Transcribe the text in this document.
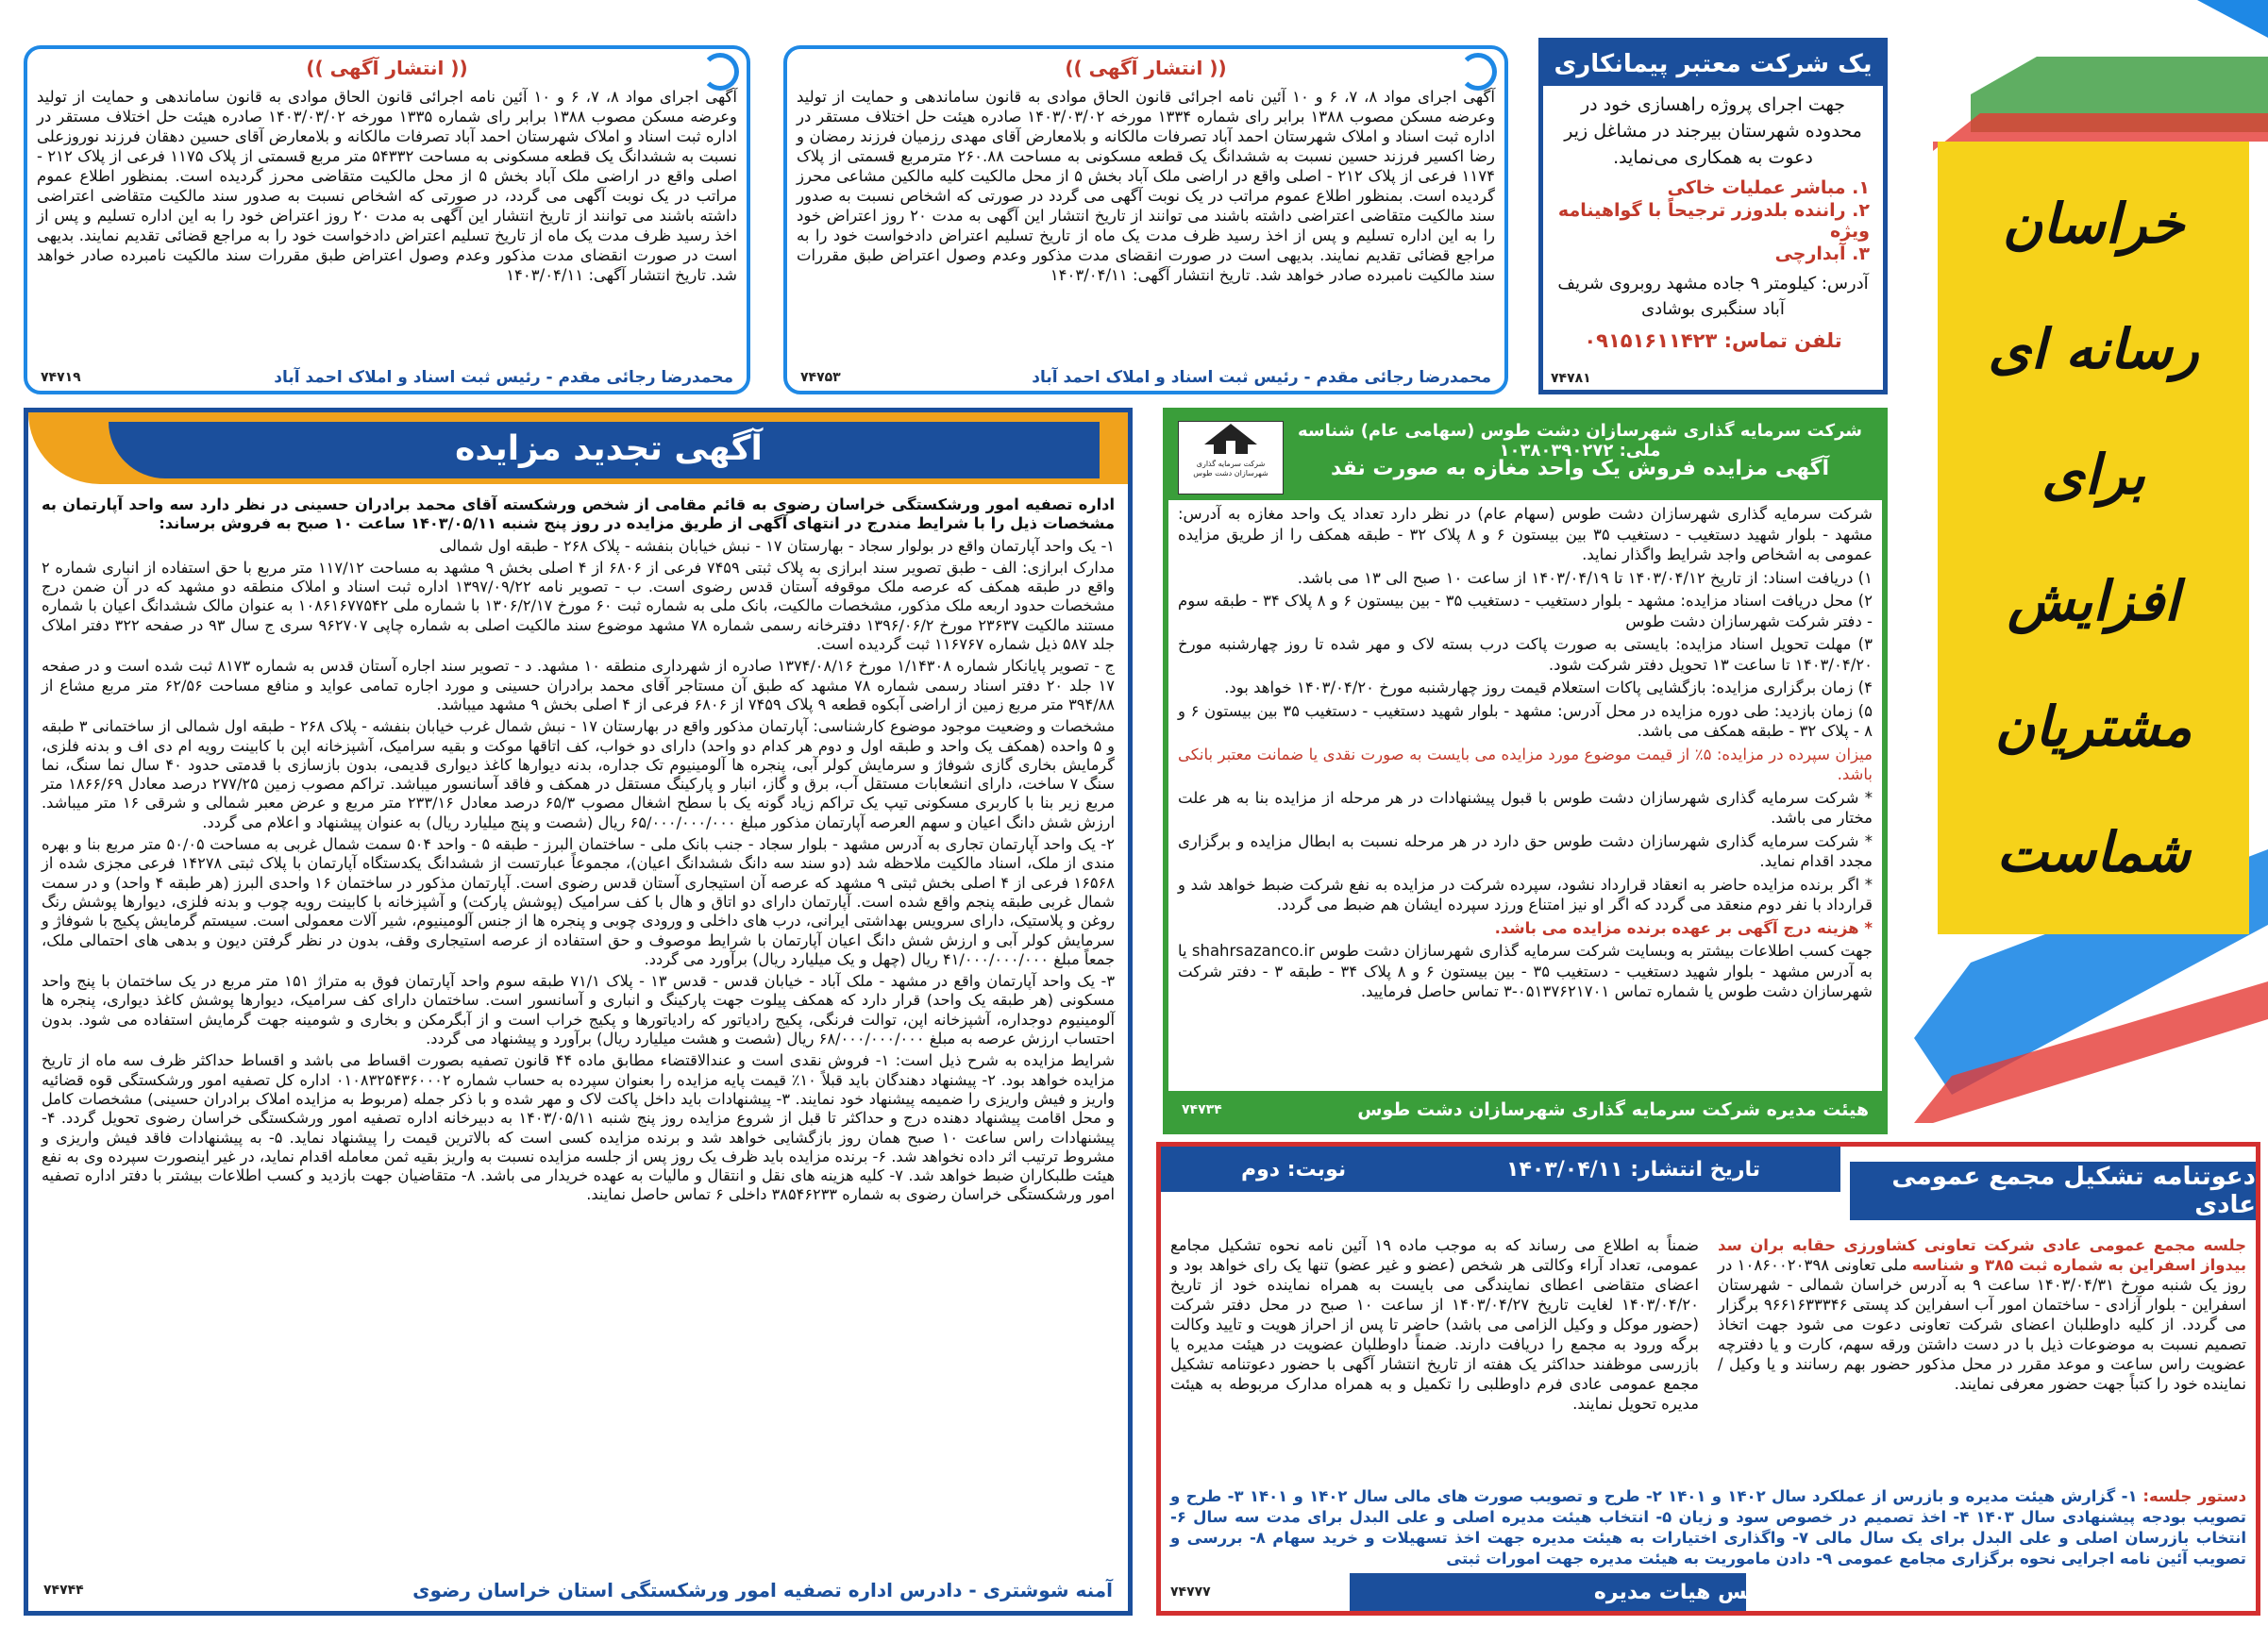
خراسان
رسانه ای
برای
افزایش
مشتریان
شماست
یک شرکت معتبر پیمانکاری
جهت اجرای پروژه راهسازی خود در محدوده شهرستان بیرجند در مشاغل زیر دعوت به همکاری می‌نماید.
۱. مباشر عملیات خاکی
۲. راننده بلدوزر ترجیحاً با گواهینامه ویژه
۳. آبدارچی
آدرس: کیلومتر ۹ جاده مشهد روبروی شریف آباد سنگبری بوشادی
تلفن تماس: ۰۹۱۵۱۶۱۱۴۲۳
۷۴۷۸۱
(( انتشار آگهی ))
آگهی اجرای مواد ۸، ۷، ۶ و ۱۰ آئین نامه اجرائی قانون الحاق موادی به قانون ساماندهی و حمایت از تولید وعرضه مسکن مصوب ۱۳۸۸ برابر رای شماره ۱۳۳۴ مورخه ۱۴۰۳/۰۳/۰۲ صادره هیئت حل اختلاف مستقر در اداره ثبت اسناد و املاک شهرستان احمد آباد تصرفات مالکانه و بلامعارض آقای مهدی رزمیان فرزند رمضان و رضا اکسیر فرزند حسین نسبت به ششدانگ یک قطعه مسکونی به مساحت ۲۶۰.۸۸ مترمربع قسمتی از پلاک ۱۱۷۴ فرعی از پلاک ۲۱۲ - اصلی واقع در اراضی ملک آباد بخش ۵ از محل مالکیت کلیه مالکین مشاعی محرز گردیده است. بمنظور اطلاع عموم مراتب در یک نوبت آگهی می گردد در صورتی که اشخاص نسبت به صدور سند مالکیت متقاضی اعتراضی داشته باشند می توانند از تاریخ انتشار این آگهی به مدت ۲۰ روز اعتراض خود را به این اداره تسلیم و پس از اخذ رسید ظرف مدت یک ماه از تاریخ تسلیم اعتراض دادخواست خود را به مراجع قضائی تقدیم نمایند. بدیهی است در صورت انقضای مدت مذکور وعدم وصول اعتراض طبق مقررات سند مالکیت نامبرده صادر خواهد شد. تاریخ انتشار آگهی: ۱۴۰۳/۰۴/۱۱
محمدرضا رجائی مقدم - رئیس ثبت اسناد و املاک احمد آباد
۷۴۷۵۳
(( انتشار آگهی ))
آگهی اجرای مواد ۸، ۷، ۶ و ۱۰ آئین نامه اجرائی قانون الحاق موادی به قانون ساماندهی و حمایت از تولید وعرضه مسکن مصوب ۱۳۸۸ برابر رای شماره ۱۳۳۵ مورخه ۱۴۰۳/۰۳/۰۲ صادره هیئت حل اختلاف مستقر در اداره ثبت اسناد و املاک شهرستان احمد آباد تصرفات مالکانه و بلامعارض آقای حسین دهقان فرزند نوروزعلی نسبت به ششدانگ یک قطعه مسکونی به مساحت ۵۴۳۳۲ متر مربع قسمتی از پلاک ۱۱۷۵ فرعی از پلاک ۲۱۲ - اصلی واقع در اراضی ملک آباد بخش ۵ از محل مالکیت متقاضی محرز گردیده است. بمنظور اطلاع عموم مراتب در یک نوبت آگهی می گردد، در صورتی که اشخاص نسبت به صدور سند مالکیت متقاضی اعتراضی داشته باشند می توانند از تاریخ انتشار این آگهی به مدت ۲۰ روز اعتراض خود را به این اداره تسلیم و پس از اخذ رسید ظرف مدت یک ماه از تاریخ تسلیم اعتراض دادخواست خود را به مراجع قضائی تقدیم نمایند. بدیهی است در صورت انقضای مدت مذکور وعدم وصول اعتراض طبق مقررات سند مالکیت نامبرده صادر خواهد شد. تاریخ انتشار آگهی: ۱۴۰۳/۰۴/۱۱
محمدرضا رجائی مقدم - رئیس ثبت اسناد و املاک احمد آباد
۷۴۷۱۹
شرکت سرمایه گذاری شهرسازان دشت طوس
شرکت سرمایه گذاری شهرسازان دشت طوس (سهامی عام) شناسه ملی: ۱۰۳۸۰۳۹۰۲۷۲
آگهی مزایده فروش یک واحد مغازه به صورت نقد

شرکت سرمایه گذاری شهرسازان دشت طوس (سهام عام) در نظر دارد تعداد یک واحد مغازه به آدرس: مشهد - بلوار شهید دستغیب - دستغیب ۳۵ بین بیستون ۶ و ۸ پلاک ۳۲ - طبقه همکف را از طریق مزایده عمومی به اشخاص واجد شرایط واگذار نماید.

۱) دریافت اسناد: از تاریخ ۱۴۰۳/۰۴/۱۲ تا ۱۴۰۳/۰۴/۱۹ از ساعت ۱۰ صبح الی ۱۳ می باشد.

۲) محل دریافت اسناد مزایده: مشهد - بلوار دستغیب - دستغیب ۳۵ - بین بیستون ۶ و ۸ پلاک ۳۴ - طبقه سوم - دفتر شرکت شهرسازان دشت طوس

۳) مهلت تحویل اسناد مزایده: بایستی به صورت پاکت درب بسته لاک و مهر شده تا روز چهارشنبه مورخ ۱۴۰۳/۰۴/۲۰ تا ساعت ۱۳ تحویل دفتر شرکت شود.

۴) زمان برگزاری مزایده: بازگشایی پاکات استعلام قیمت روز چهارشنبه مورخ ۱۴۰۳/۰۴/۲۰ خواهد بود.

۵) زمان بازدید: طی دوره مزایده در محل آدرس: مشهد - بلوار شهید دستغیب - دستغیب ۳۵ بین بیستون ۶ و ۸ - پلاک ۳۲ - طبقه همکف می باشد.

میزان سپرده در مزایده: ۵٪ از قیمت موضوع مورد مزایده می بایست به صورت نقدی یا ضمانت معتبر بانکی باشد.

* شرکت سرمایه گذاری شهرسازان دشت طوس با قبول پیشنهادات در هر مرحله از مزایده بنا به هر علت مختار می باشد.

* شرکت سرمایه گذاری شهرسازان دشت طوس حق دارد در هر مرحله نسبت به ابطال مزایده و برگزاری مجدد اقدام نماید.

* اگر برنده مزایده حاضر به انعقاد قرارداد نشود، سپرده شرکت در مزایده به نفع شرکت ضبط خواهد شد و قرارداد با نفر دوم منعقد می گردد که اگر او نیز امتناع ورزد سپرده ایشان هم ضبط می گردد.

* هزینه درج آگهی بر عهده برنده مزایده می باشد.

جهت کسب اطلاعات بیشتر به وبسایت شرکت سرمایه گذاری شهرسازان دشت طوس shahrsazanco.ir یا به آدرس مشهد - بلوار شهید دستغیب - دستغیب ۳۵ - بین بیستون ۶ و ۸ پلاک ۳۴ - طبقه ۳ - دفتر شرکت شهرسازان دشت طوس یا شماره تماس ۰۵۱۳۷۶۲۱۷۰۱-۳ تماس حاصل فرمایید.

هیئت مدیره شرکت سرمایه گذاری شهرسازان دشت طوس
۷۴۷۳۴
آگهی تجدید مزایده

اداره تصفیه امور ورشکستگی خراسان رضوی به قائم مقامی از شخص ورشکسته آقای محمد برادران حسینی در نظر دارد سه واحد آپارتمان به مشخصات ذیل را با شرایط مندرج در انتهای آگهی از طریق مزایده در روز پنج شنبه ۱۴۰۳/۰۵/۱۱ ساعت ۱۰ صبح به فروش برساند:

۱- یک واحد آپارتمان واقع در بولوار سجاد - بهارستان ۱۷ - نبش خیابان بنفشه - پلاک ۲۶۸ - طبقه اول شمالی

مدارک ابرازی: الف - طبق تصویر سند ابرازی به پلاک ثبتی ۷۴۵۹ فرعی از ۶۸۰۶ از ۴ اصلی بخش ۹ مشهد به مساحت ۱۱۷/۱۲ متر مربع با حق استفاده از انباری شماره ۲ واقع در طبقه همکف که عرصه ملک موقوفه آستان قدس رضوی است. ب - تصویر نامه ۱۳۹۷/۰۹/۲۲ اداره ثبت اسناد و املاک منطقه دو مشهد که در آن ضمن درج مشخصات حدود اربعه ملک مذکور، مشخصات مالکیت، بانک ملی به شماره ثبت ۶۰ مورخ ۱۳۰۶/۲/۱۷ با شماره ملی ۱۰۸۶۱۶۷۷۵۴۲ به عنوان مالک ششدانگ اعیان با شماره مستند مالکیت ۲۳۶۳۷ مورخ ۱۳۹۶/۰۶/۲ دفترخانه رسمی شماره ۷۸ مشهد موضوع سند مالکیت اصلی به شماره چاپی ۹۶۲۷۰۷ سری ج سال ۹۳ در صفحه ۳۲۲ دفتر املاک جلد ۵۸۷ ذیل شماره ۱۱۶۷۶۷ ثبت گردیده است.

ج - تصویر پایانکار شماره ۱/۱۴۳۰۸ مورخ ۱۳۷۴/۰۸/۱۶ صادره از شهرداری منطقه ۱۰ مشهد. د - تصویر سند اجاره آستان قدس به شماره ۸۱۷۳ ثبت شده است و در صفحه ۱۷ جلد ۲۰ دفتر اسناد رسمی شماره ۷۸ مشهد که طبق آن مستاجر آقای محمد برادران حسینی و مورد اجاره تمامی عواید و منافع مساحت ۶۲/۵۶ متر مربع مشاع از ۳۹۴/۸۸ متر مربع زمین از اراضی آبکوه قطعه ۹ پلاک ۷۴۵۹ از ۶۸۰۶ فرعی از ۴ اصلی بخش ۹ مشهد میباشد.

مشخصات و وضعیت موجود موضوع کارشناسی: آپارتمان مذکور واقع در بهارستان ۱۷ - نبش شمال غرب خیابان بنفشه - پلاک ۲۶۸ - طبقه اول شمالی از ساختمانی ۳ طبقه و ۵ واحده (همکف یک واحد و طبقه اول و دوم هر کدام دو واحد) دارای دو خواب، کف اتاقها موکت و بقیه سرامیک، آشپزخانه اپن با کابینت رویه ام دی اف و بدنه فلزی، گرمایش بخاری گازی شوفاژ و سرمایش کولر آبی، پنجره ها آلومینیوم تک جداره، بدنه دیوارها کاغذ دیواری قدیمی، بدون بازسازی با قدمتی حدود ۴۰ سال نما سنگ، نما سنگ ۷ ساخت، دارای انشعابات مستقل آب، برق و گاز، انبار و پارکینگ مستقل در همکف و فاقد آسانسور میباشد. تراکم مصوب زمین ۲۷۷/۲۵ درصد معادل ۱۸۶۶/۶۹ متر مربع زیر بنا با کاربری مسکونی تیپ یک تراکم زیاد گونه یک با سطح اشغال مصوب ۶۵/۳ درصد معادل ۲۳۳/۱۶ متر مربع و عرض معبر شمالی و شرقی ۱۶ متر میباشد. ارزش شش دانگ اعیان و سهم العرصه آپارتمان مذکور مبلغ ۶۵/۰۰۰/۰۰۰/۰۰۰ ریال (شصت و پنج میلیارد ریال) به عنوان پیشنهاد و اعلام می گردد.

۲- یک واحد آپارتمان تجاری به آدرس مشهد - بلوار سجاد - جنب بانک ملی - ساختمان البرز - طبقه ۵ - واحد ۵۰۴ سمت شمال غربی به مساحت ۵۰/۰۵ متر مربع بنا و بهره مندی از ملک، اسناد مالکیت ملاحظه شد (دو سند سه دانگ ششدانگ اعیان)، مجموعاً عبارتست از ششدانگ یکدستگاه آپارتمان با پلاک ثبتی ۱۴۲۷۸ فرعی مجزی شده از ۱۶۵۶۸ فرعی از ۴ اصلی بخش ثبتی ۹ مشهد که عرصه آن استیجاری آستان قدس رضوی است. آپارتمان مذکور در ساختمان ۱۶ واحدی البرز (هر طبقه ۴ واحد) و در سمت شمال غربی طبقه پنجم واقع شده است. آپارتمان دارای دو اتاق و هال با کف سرامیک (پوشش پارکت) و آشپزخانه با کابینت رویه چوب و بدنه فلزی، دیوارها پوشش رنگ روغن و پلاستیک، دارای سرویس بهداشتی ایرانی، درب های داخلی و ورودی چوبی و پنجره ها از جنس آلومینیوم، شیر آلات معمولی است. سیستم گرمایش پکیج با شوفاژ و سرمایش کولر آبی و ارزش شش دانگ اعیان آپارتمان با شرایط موصوف و حق استفاده از عرصه استیجاری وقف، بدون در نظر گرفتن دیون و بدهی های احتمالی ملک، جمعاً مبلغ ۴۱/۰۰۰/۰۰۰/۰۰۰ ریال (چهل و یک میلیارد ریال) برآورد می گردد.

۳- یک واحد آپارتمان واقع در مشهد - ملک آباد - خیابان قدس - قدس ۱۳ - پلاک ۷۱/۱ طبقه سوم واحد آپارتمان فوق به متراژ ۱۵۱ متر مربع در یک ساختمان با پنج واحد مسکونی (هر طبقه یک واحد) قرار دارد که همکف پیلوت جهت پارکینگ و انباری و آسانسور است. ساختمان دارای کف سرامیک، دیوارها پوشش کاغذ دیواری، پنجره ها آلومینیوم دوجداره، آشپزخانه اپن، توالت فرنگی، پکیج رادیاتور که رادیاتورها و پکیج خراب است و از آبگرمکن و بخاری و شومینه جهت گرمایش استفاده می شود. بدون احتساب ارزش عرصه به مبلغ ۶۸/۰۰۰/۰۰۰/۰۰۰ ریال (شصت و هشت میلیارد ریال) برآورد و پیشنهاد می گردد.

شرایط مزایده به شرح ذیل است: ۱- فروش نقدی است و عندالاقتضاء مطابق ماده ۴۴ قانون تصفیه بصورت اقساط می باشد و اقساط حداکثر ظرف سه ماه از تاریخ مزایده خواهد بود. ۲- پیشنهاد دهندگان باید قبلاً ۱۰٪ قیمت پایه مزایده را بعنوان سپرده به حساب شماره ۰۱۰۸۳۲۵۴۳۶۰۰۰۲ اداره کل تصفیه امور ورشکستگی قوه قضائیه واریز و فیش واریزی را ضمیمه پیشنهاد خود نمایند. ۳- پیشنهادات باید داخل پاکت لاک و مهر شده و با ذکر جمله (مربوط به مزایده املاک برادران حسینی) مشخصات کامل و محل اقامت پیشنهاد دهنده درج و حداکثر تا قبل از شروع مزایده روز پنج شنبه ۱۴۰۳/۰۵/۱۱ به دبیرخانه اداره تصفیه امور ورشکستگی خراسان رضوی تحویل گردد. ۴- پیشنهادات راس ساعت ۱۰ صبح همان روز بازگشایی خواهد شد و برنده مزایده کسی است که بالاترین قیمت را پیشنهاد نماید. ۵- به پیشنهادات فاقد فیش واریزی و مشروط ترتیب اثر داده نخواهد شد. ۶- برنده مزایده باید ظرف یک روز پس از جلسه مزایده نسبت به واریز بقیه ثمن معامله اقدام نماید، در غیر اینصورت سپرده وی به نفع هیئت طلبکاران ضبط خواهد شد. ۷- کلیه هزینه های نقل و انتقال و مالیات به عهده خریدار می باشد. ۸- متقاضیان جهت بازدید و کسب اطلاعات بیشتر با دفتر اداره تصفیه امور ورشکستگی خراسان رضوی به شماره ۳۸۵۴۶۲۳۳ داخلی ۶ تماس حاصل نمایند.

آمنه شوشتری - دادرس اداره تصفیه امور ورشکستگی استان خراسان رضوی
۷۴۷۴۴
تاریخ انتشار: ۱۴۰۳/۰۴/۱۱
نوبت: دوم	دعوتنامه تشکیل مجمع عمومی عادی
جلسه مجمع عمومی عادی شرکت تعاونی کشاورزی حقابه بران سد بیدواز اسفراین به شماره ثبت ۳۸۵ و شناسه ملی تعاونی ۱۰۸۶۰۰۲۰۳۹۸ در روز یک شنبه مورخ ۱۴۰۳/۰۴/۳۱ ساعت ۹ به آدرس خراسان شمالی - شهرستان اسفراین - بلوار آزادی - ساختمان امور آب اسفراین کد پستی ۹۶۶۱۶۳۳۳۴۶ برگزار می گردد. از کلیه داوطلبان اعضای شرکت تعاونی دعوت می شود جهت اتخاذ تصمیم نسبت به موضوعات ذیل با در دست داشتن ورقه سهم، کارت و یا دفترچه عضویت راس ساعت و موعد مقرر در محل مذکور حضور بهم رسانند و یا وکیل / نماینده خود را کتباً جهت حضور معرفی نمایند.
ضمناً به اطلاع می رساند که به موجب ماده ۱۹ آئین نامه نحوه تشکیل مجامع عمومی، تعداد آراء وکالتی هر شخص (عضو و غیر عضو) تنها یک رای خواهد بود و اعضای متقاضی اعطای نمایندگی می بایست به همراه نماینده خود از تاریخ ۱۴۰۳/۰۴/۲۰ لغایت تاریخ ۱۴۰۳/۰۴/۲۷ از ساعت ۱۰ صبح در محل دفتر شرکت (حضور موکل و وکیل الزامی می باشد) حاضر تا پس از احراز هویت و تایید وکالت برگه ورود به مجمع را دریافت دارند. ضمناً داوطلبان عضویت در هیئت مدیره یا بازرسی موظفند حداکثر یک هفته از تاریخ انتشار آگهی با حضور دعوتنامه تشکیل مجمع عمومی عادی فرم داوطلبی را تکمیل و به همراه مدارک مربوطه به هیئت مدیره تحویل نمایند.
دستور جلسه: ۱- گزارش هیئت مدیره و بازرس از عملکرد سال ۱۴۰۲ و ۱۴۰۱ ۲- طرح و تصویب صورت های مالی سال ۱۴۰۲ و ۱۴۰۱ ۳- طرح و تصویب بودجه پیشنهادی سال ۱۴۰۳ ۴- اخذ تصمیم در خصوص سود و زیان ۵- انتخاب هیئت مدیره اصلی و علی البدل برای مدت سه سال ۶- انتخاب بازرسان اصلی و علی البدل برای یک سال مالی ۷- واگذاری اختیارات به هیئت مدیره جهت اخذ تسهیلات و خرید سهام ۸- بررسی و تصویب آئین نامه اجرایی نحوه برگزاری مجامع عمومی ۹- دادن ماموریت به هیئت مدیره جهت امورات ثبتی
رئیس هیات مدیره
۷۴۷۷۷
